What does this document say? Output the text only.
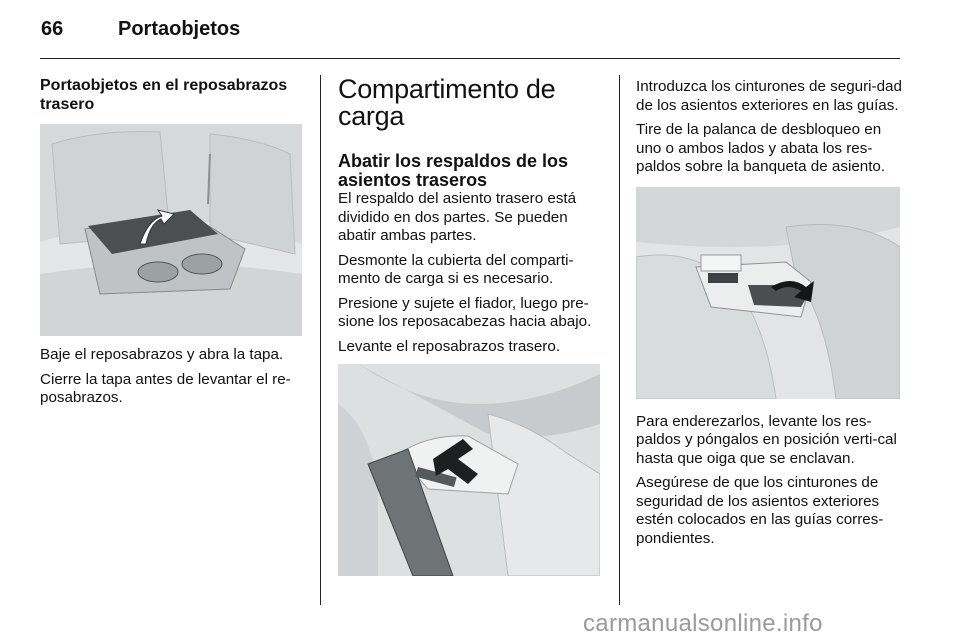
66	Portaobjetos
Portaobjetos en el reposabrazos trasero

Baje el reposabrazos y abra la tapa.

Cierre la tapa antes de levantar el re-posabrazos.

Compartimento de carga
Abatir los respaldos de los asientos traseros

El respaldo del asiento trasero está dividido en dos partes. Se pueden abatir ambas partes.

Desmonte la cubierta del comparti-mento de carga si es necesario.

Presione y sujete el fiador, luego pre-sione los reposacabezas hacia abajo.

Levante el reposabrazos trasero.

Introduzca los cinturones de seguri-dad de los asientos exteriores en las guías.

Tire de la palanca de desbloqueo en uno o ambos lados y abata los res-paldos sobre la banqueta de asiento.

Para enderezarlos, levante los res-paldos y póngalos en posición verti-cal hasta que oiga que se enclavan.

Asegúrese de que los cinturones de seguridad de los asientos exteriores estén colocados en las guías corres-pondientes.

carmanualsonline.info
